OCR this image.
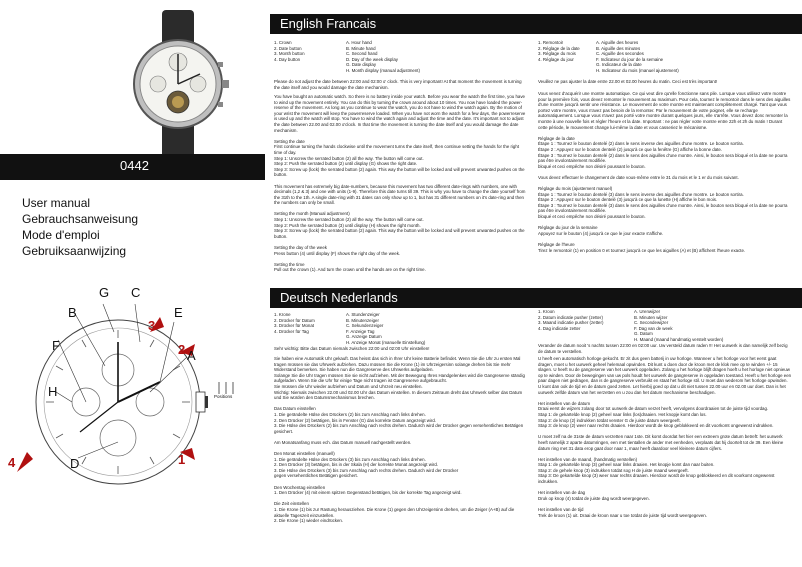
0442
User manual
Gebrauchsanweisung
Mode d'emploi
Gebruiksaanwijzing
G C
B	E
A
F
H
D
4
3
2
1
Positions
English Francais
1. Crown
2. Date button
3. Month button
4. Day button
A. Hour hand
B. Minute hand
C. Second hand
D. Day of the week display
G. Date display
H. Month display (manual adjustment)
Please do not adjust the date between 22:00 and 02:00 o' clock. This is very important! At that moment the movement is turning the date itself and you would damage the date mechanism.
You have bought an automatic watch. So there is no battery inside your watch. Before you wear the watch the first time, you have to wind up the movement entirely. You can do this by turning the crown around about 10 times. You now have loaded the power-reserve of the movement. As long as you continue to wear the watch, you do not have to wind the watch again. By the motion of your wrist the movement will keep the powerreserve loaded. When you have not worn the watch for a few days, the powerreserve is used up and the watch will stop. You have to wind the watch again and adjust the time and the date. It's important not to adjust the date between 22.00 and 02.00 o'clock. In that time the movement is turning the date itself and you would damage the date mechanism.

Setting the date
First continue turning the hands clockwise until the movement turns the date itself, then continue setting the hands for the right time of day.
Step 1: Unscrew the serrated button (2) all the way. The button will come out.
Step 2: Push the serrated button (2) until display (G) shows the right date.
Step 3: Screw up (lock) the serrated button (2) again. This way the button will be locked and will prevent unwanted pushes on the button.

This movement has extremely big date-numbers, because this movement has two different date-rings with numbers, one with decimals (1,2 & 3) and one with units (1-9). Therefore this date turns till 39. This is why you have to change the date yourself from the 31th to the 1th. A single date-ring with 31 dates can only show up to 1, but has 31 different numbers on it's date-ring and then the numbers can only be small.

Setting the month (Manual adjustment)
Step 1: Unscrew the serrated button (2) all the way. The button will come out.
Step 2: Push the serrated button (3) until display (H) shows the right month.
Step 3: Screw up (lock) the serrated button (2) again. This way the button will be locked and will prevent unwanted pushes on the button.

Setting the day of the week
Press button (4) until display (F) shows the right day of the week.

Setting the time
Pull out the crown (1). And turn the crown until the hands are on the right time.
1. Remontoir
2. Réglage de la date
3. Réglage du mois
4. Réglage du jour
A. Aiguille des heures
B. Aiguille des minutes
C. Aiguille des secondes
F. Indicateur du jour de la semaine
G. Indicateur de la date
H. Indicateur du mois (manuel ajustement)
Veuillez ne pas ajuster la date entre 22.00 et 02.00 heures du matin. Ceci est très important!
Vous venez d'acquérir une montre automatique. Ce qui veut dire qu'elle fonctionne sans pile. Lorsque vous utilisez votre montre pour la première fois, vous devez remonter le mouvement au maximum. Pour cela, tournez le remontoir dans le sens des aiguilles d'une montre jusqu'à sentir une résistance. Le mouvement de votre montre est maintenant complètement chargé. Tant que vous portez votre montre, vous n'avez pas besoin de la remonter. Par le mouvement de votre poignet, elle se recharge automatiquement. Lorsque vous n'avez pas porté votre montre durant quelques jours, elle s'arrête. Vous devez donc remonter la montre à une nouvelle fois et régler l'heure et la date. Important : ne pas régler votre montre entre 22h et 2h du matin ! Durant cette période, le mouvement change lui-même la date et vous casseriez le mécanisme.

Réglage de la date
Étape 1 : Tournez le bouton dentelé (2) dans le sens inverse des aiguilles d'une montre. Le bouton sortira.
Étape 2 : Appuyez sur le bouton dentelé (2) jusqu'à ce que la fenêtre (G) affiche la bonne date.
Étape 3 : Tournez le bouton dentelé (2) dans le sens des aiguilles d'une montre. Ainsi, le bouton sera bloqué et la date ne pourra pas être involontairement modifiée.
bloqué et ceci empêche non désiré poussant le bouton.

Vous devez effectuer le changement de date vous-même entre le 31 du mois et le 1 er du mois suivant.

Réglage du mois (ajustement manuel)
Étape 1 : Tournez le bouton dentelé (3) dans le sens inverse des aiguilles d'une montre. Le bouton sortira.
Étape 2 : Appuyez sur le bouton dentelé (3) jusqu'à ce que la lunette (H) affiche le bon mois.
Étape 3 : Tournez le bouton dentelé (3) dans le sens des aiguilles d'une montre. Ainsi, le bouton sera bloqué et la date ne pourra pas être involontairement modifiée.
bloqué et ceci empêche non désiré poussant le bouton.

Réglage du jour de la semaine
Appuyez sur le bouton (4) jusqu'à ce que le jour exacte s'affiche.

Réglage de l'heure
Tirez le remontoir (1) en position 0 et tournez jusqu'à ce que les aiguilles (A) et (B) affichent l'heure exacte.
Deutsch Nederlands
1. Krone
2. Drücker für Datum
3. Drücker für Monat
4. Drücker für Tag
A. Stundenzeiger
B. Minutenzeiger
C. Sekundenzeiger
F. Anzeige Tag
G. Anzeige Datum
H. Anzeige Monat (manuelle Einstellung)
Sehr wichtig: Bitte das Datum niemals zwischen 22:00 und 02:00 Uhr einstellen!
Sie haben eine Automatik Uhr gekauft. Das heisst das sich in Ihrer Uhr keine Batterie befindet. Wenn Sie die Uhr zu ersten Mal tragen müssen sie das Uhrwerk aufziehen. Dazu müssen Sie die Krone (1) im Uhrzeigersinn solange drehen bis Sie mehr Widerstand bemerken. Sie haben nun die Gangreserve des Uhrwerks aufgeladen.
Solange Sie die Uhr tragen müssen Sie sie nicht aufziehen. Mit der Bewegung Ihres Handgelenkes wird die Gangreserve ständig aufgeladen. Wenn Sie die Uhr für einige Tage nicht tragen ist Gangreserve aufgebraucht.
Sie müssen die Uhr wieder aufziehen und Datum und Uhrzeit neu einstellen.
Wichtig: Niemals zwischen 22.00 und 02.00 Uhr das Datum einstellen. In diesem Zeitraum dreht das Uhrwerk selber das Datum und Sie würden den Datumsmechanismus brechen.

Das Datum einstellen
1. Die gerändelte Hülse des Drückers (2) bis zum Anschlag nach links drehen.
2. Den Drücker (2) betätigen, bis in Fenster (G) das korrekte Datum angezeigt wird.
3. Die Hülse des Drückers (2) bis zum Anschlag nach rechts drehen. Dadurch wird der Drücker gegen versehentliches Betätigen gesichert.

Am Monatsanfang muss ech. das Datum manuell nachgestellt werden.

Den Monat einstellen (manuell)
1. Die gerändelte Hülse des Drückers (3) bis zum Anschlag nach links drehen.
2. Den Drücker (3) betätigen, bis in der Skala (H) der korrekte Monat angezeigt wird.
3. Die Hülse des Drückers (3) bis zum Anschlag nach rechts drehen. Dadurch wird der Drücker
gegen versehentliches Betätigen gesichert.

Den Wochentag einstellen
1. Den Drücker (4) mit einem spitzen Gegenstand betätigen, bis der korrekte Tag angezeigt wird.

Die Zeit einstellen
1. Die Krone (1) bis zur Rastung herausziehen. Die Krone (1) gegen den Uhrzeigersinn drehen, um die Zeiger (A+B) auf die aktuelle Tageszeit einzustellen.
2. Die Krone (1) wieder eindrücken.
1. Kroon
2. Datum indicatie pusher (zetter)
3. Maand indicatie pusher (zetter)
4. Dag indicatie zetter
A. Urenwijzer
B. Minuten wijzer
C. Secondewijzer
F. Dag van de week
G. Datum
H. Maand (maand handmatig verstelt worden)
Verander de datum nooit 's nachts tussen 22:00 en 02:00 uur. Uw versteld datum raden !!! Het uurwerk is dan namelijk zelf bezig de datum te verstellen.
U heeft een automatisch horloge gekocht. Er zit dus geen batterij in uw horloge. Wanneer u het horloge voor het eerst gaat dragen, moet u het uurwerk geheel helemaal opwinden. Dit kunt u doen door de kroon met de klok mee op te winden +/- 15 slagen. U heeft nu de gangreserve van het uurwerk opgeladen. Zolang u het horloge blijft dragen hoeft u het horloge niet opnieuw op te winden. Door de bewegingen van uw pols houdt het uurwerk de gangreserve in opgeladen toestand. Heeft u het horloge een paar dagen niet gedragen, dan is de gangreserve verbruikt en staat het horloge stil. U moet dan wederom het horloge opwinden. U kunt dan ook de tijd en de datum goed zetten. Let hierbij goed op dat u dit niet tussen 22.00 uur en 02.00 uur doet. Dan is het uurwerk zelfde datum van het verzetten en u zou dan het datum mechanisme beschadigen.

Het instellen van de datum
Draai eerst de wijzers zolang door tot uurwerk de datum verzet heeft, vervolgens doordraaien tot de juiste tijd voordag.
Stap 1: de gekartelde knop (2) geheel naar links (los)draaien. Het knopje komt dan los.
Stap 2: de knop (2) indrukken totdat venster G de juiste datum weergeeft.
Stap 3: de knop (2) weer naar rechts draaien. Hierdoor wordt de knop geblokkeerd en dit voorkomt ongewenst indrukken.

U moet zelf na de 31ste de datum verzetten naar 1ste. Dit komt doordat het hier een extreem grote datum betreft: het uurwerk heeft namelijk 2 aparte datumringen, een met tientallen de ander met eenheden, verplaats dat hij doortelt tot de 39. Een kleine datum ring met 31 data erop gaat door naar 1, maar heeft daardoor veel kleinere datum cijfers.

Het instellen van de maand, (handmatig verstellen)
Stap 1: de gekartelde knop (3) geheel naar links draaien. Het knopje komt dan naar buiten.
Stap 2: de gehele knop (3) indrukken totdat sog H de juiste maand weergeeft.
Stap 3: De gekartelde knop (3) weer naar rechts draaien. Hierdoor wordt de knop geblokkeerd en dit voorkomt ongewenst indrukken.

Het instellen van de dag
Druk op knop (4) totdat de juiste dag wordt weergegeven.

Het instellen van de tijd
Trek de kroon (1) uit. Draai de kroon naar u toe totdat de juiste tijd wordt weergegeven.
